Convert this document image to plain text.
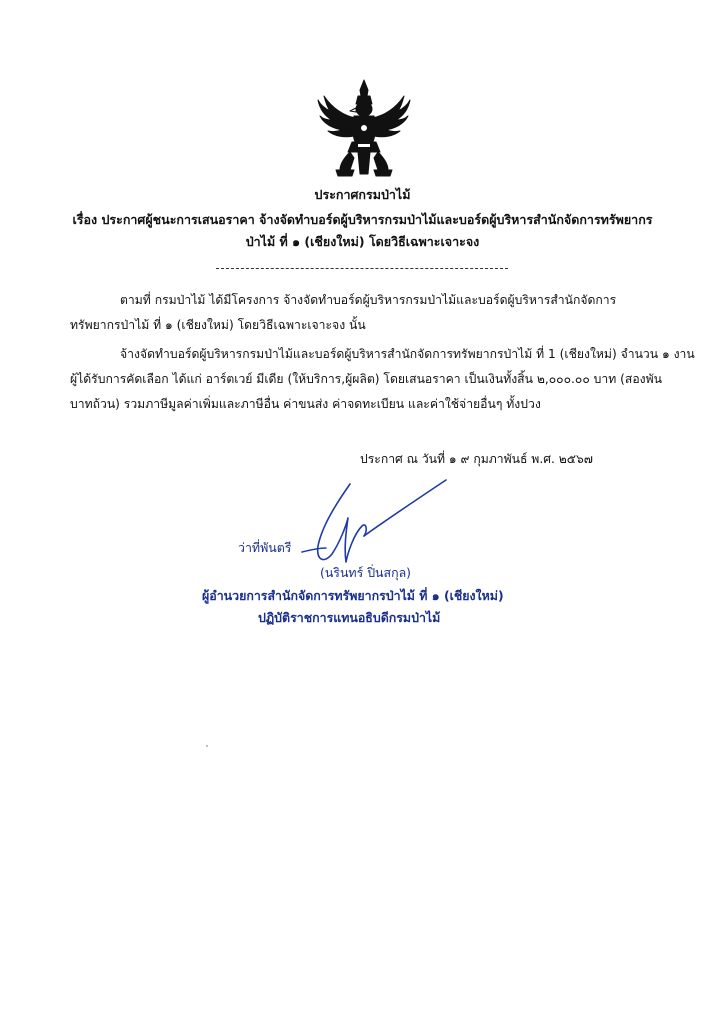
ประกาศกรมป่าไม้
เรื่อง ประกาศผู้ชนะการเสนอราคา จ้างจัดทำบอร์ดผู้บริหารกรมป่าไม้และบอร์ดผู้บริหารสำนักจัดการทรัพยากร
ป่าไม้ ที่ ๑ (เชียงใหม่) โดยวิธีเฉพาะเจาะจง
ตามที่ กรมป่าไม้ ได้มีโครงการ จ้างจัดทำบอร์ดผู้บริหารกรมป่าไม้และบอร์ดผู้บริหารสำนักจัดการ
ทรัพยากรป่าไม้ ที่ ๑ (เชียงใหม่) โดยวิธีเฉพาะเจาะจง นั้น
จ้างจัดทำบอร์ดผู้บริหารกรมป่าไม้และบอร์ดผู้บริหารสำนักจัดการทรัพยากรป่าไม้ ที่ 1 (เชียงใหม่) จำนวน ๑ งาน
ผู้ได้รับการคัดเลือก ได้แก่ อาร์ตเวย์ มีเดีย (ให้บริการ,ผู้ผลิต) โดยเสนอราคา เป็นเงินทั้งสิ้น ๒,๐๐๐.๐๐ บาท (สองพัน
บาทถ้วน) รวมภาษีมูลค่าเพิ่มและภาษีอื่น ค่าขนส่ง ค่าจดทะเบียน และค่าใช้จ่ายอื่นๆ ทั้งปวง
ประกาศ ณ วันที่ ๑ ๙ กุมภาพันธ์ พ.ศ. ๒๕๖๗
ว่าที่พันตรี
(นรินทร์ ปิ่นสกุล)
ผู้อำนวยการสำนักจัดการทรัพยากรป่าไม้ ที่ ๑ (เชียงใหม่)
ปฏิบัติราชการแทนอธิบดีกรมป่าไม้
